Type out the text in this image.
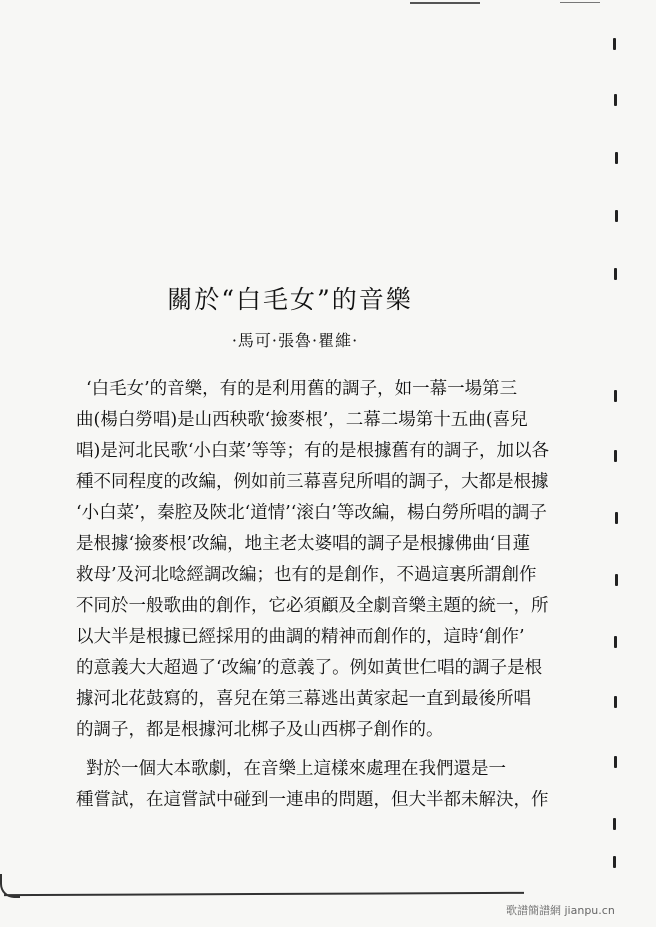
關於“白毛女”的音樂
·馬可·張魯·瞿維·
‘白毛女’的音樂，有的是利用舊的調子，如一幕一場第三
曲(楊白勞唱)是山西秧歌‘撿麥根’，二幕二場第十五曲(喜兒
唱)是河北民歌‘小白菜’等等；有的是根據舊有的調子，加以各
種不同程度的改編，例如前三幕喜兒所唱的調子，大都是根據
‘小白菜’，秦腔及陝北‘道情’‘滚白’等改編，楊白勞所唱的調子
是根據‘撿麥根’改編，地主老太婆唱的調子是根據佛曲‘目蓮
救母’及河北唸經調改編；也有的是創作，不過這裏所謂創作
不同於一般歌曲的創作，它必須顧及全劇音樂主題的統一，所
以大半是根據已經採用的曲調的精神而創作的，這時‘創作’
的意義大大超過了‘改編’的意義了。例如黃世仁唱的調子是根
據河北花鼓寫的，喜兒在第三幕逃出黃家起一直到最後所唱
的調子，都是根據河北梆子及山西梆子創作的。
對於一個大本歌劇，在音樂上這樣來處理在我們還是一
種嘗試，在這嘗試中碰到一連串的問題，但大半都未解決，作
歌譜簡譜網 jianpu.cn
